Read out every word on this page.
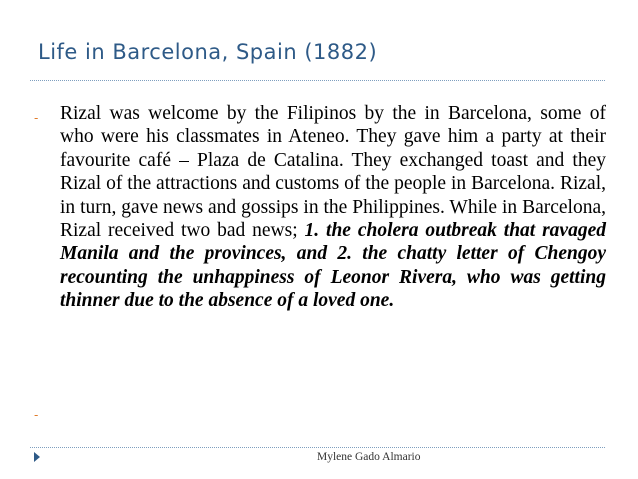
Life in Barcelona, Spain (1882)
- Rizal was welcome by the Filipinos by the in Barcelona, some of who were his classmates in Ateneo. They gave him a party at their favourite café – Plaza de Catalina. They exchanged toast and they Rizal of the attractions and customs of the people in Barcelona. Rizal, in turn, gave news and gossips in the Philippines. While in Barcelona, Rizal received two bad news; 1. the cholera outbreak that ravaged Manila and the provinces, and 2. the chatty letter of Chengoy recounting the unhappiness of Leonor Rivera, who was getting thinner due to the absence of a loved one.
-
Mylene Gado Almario
